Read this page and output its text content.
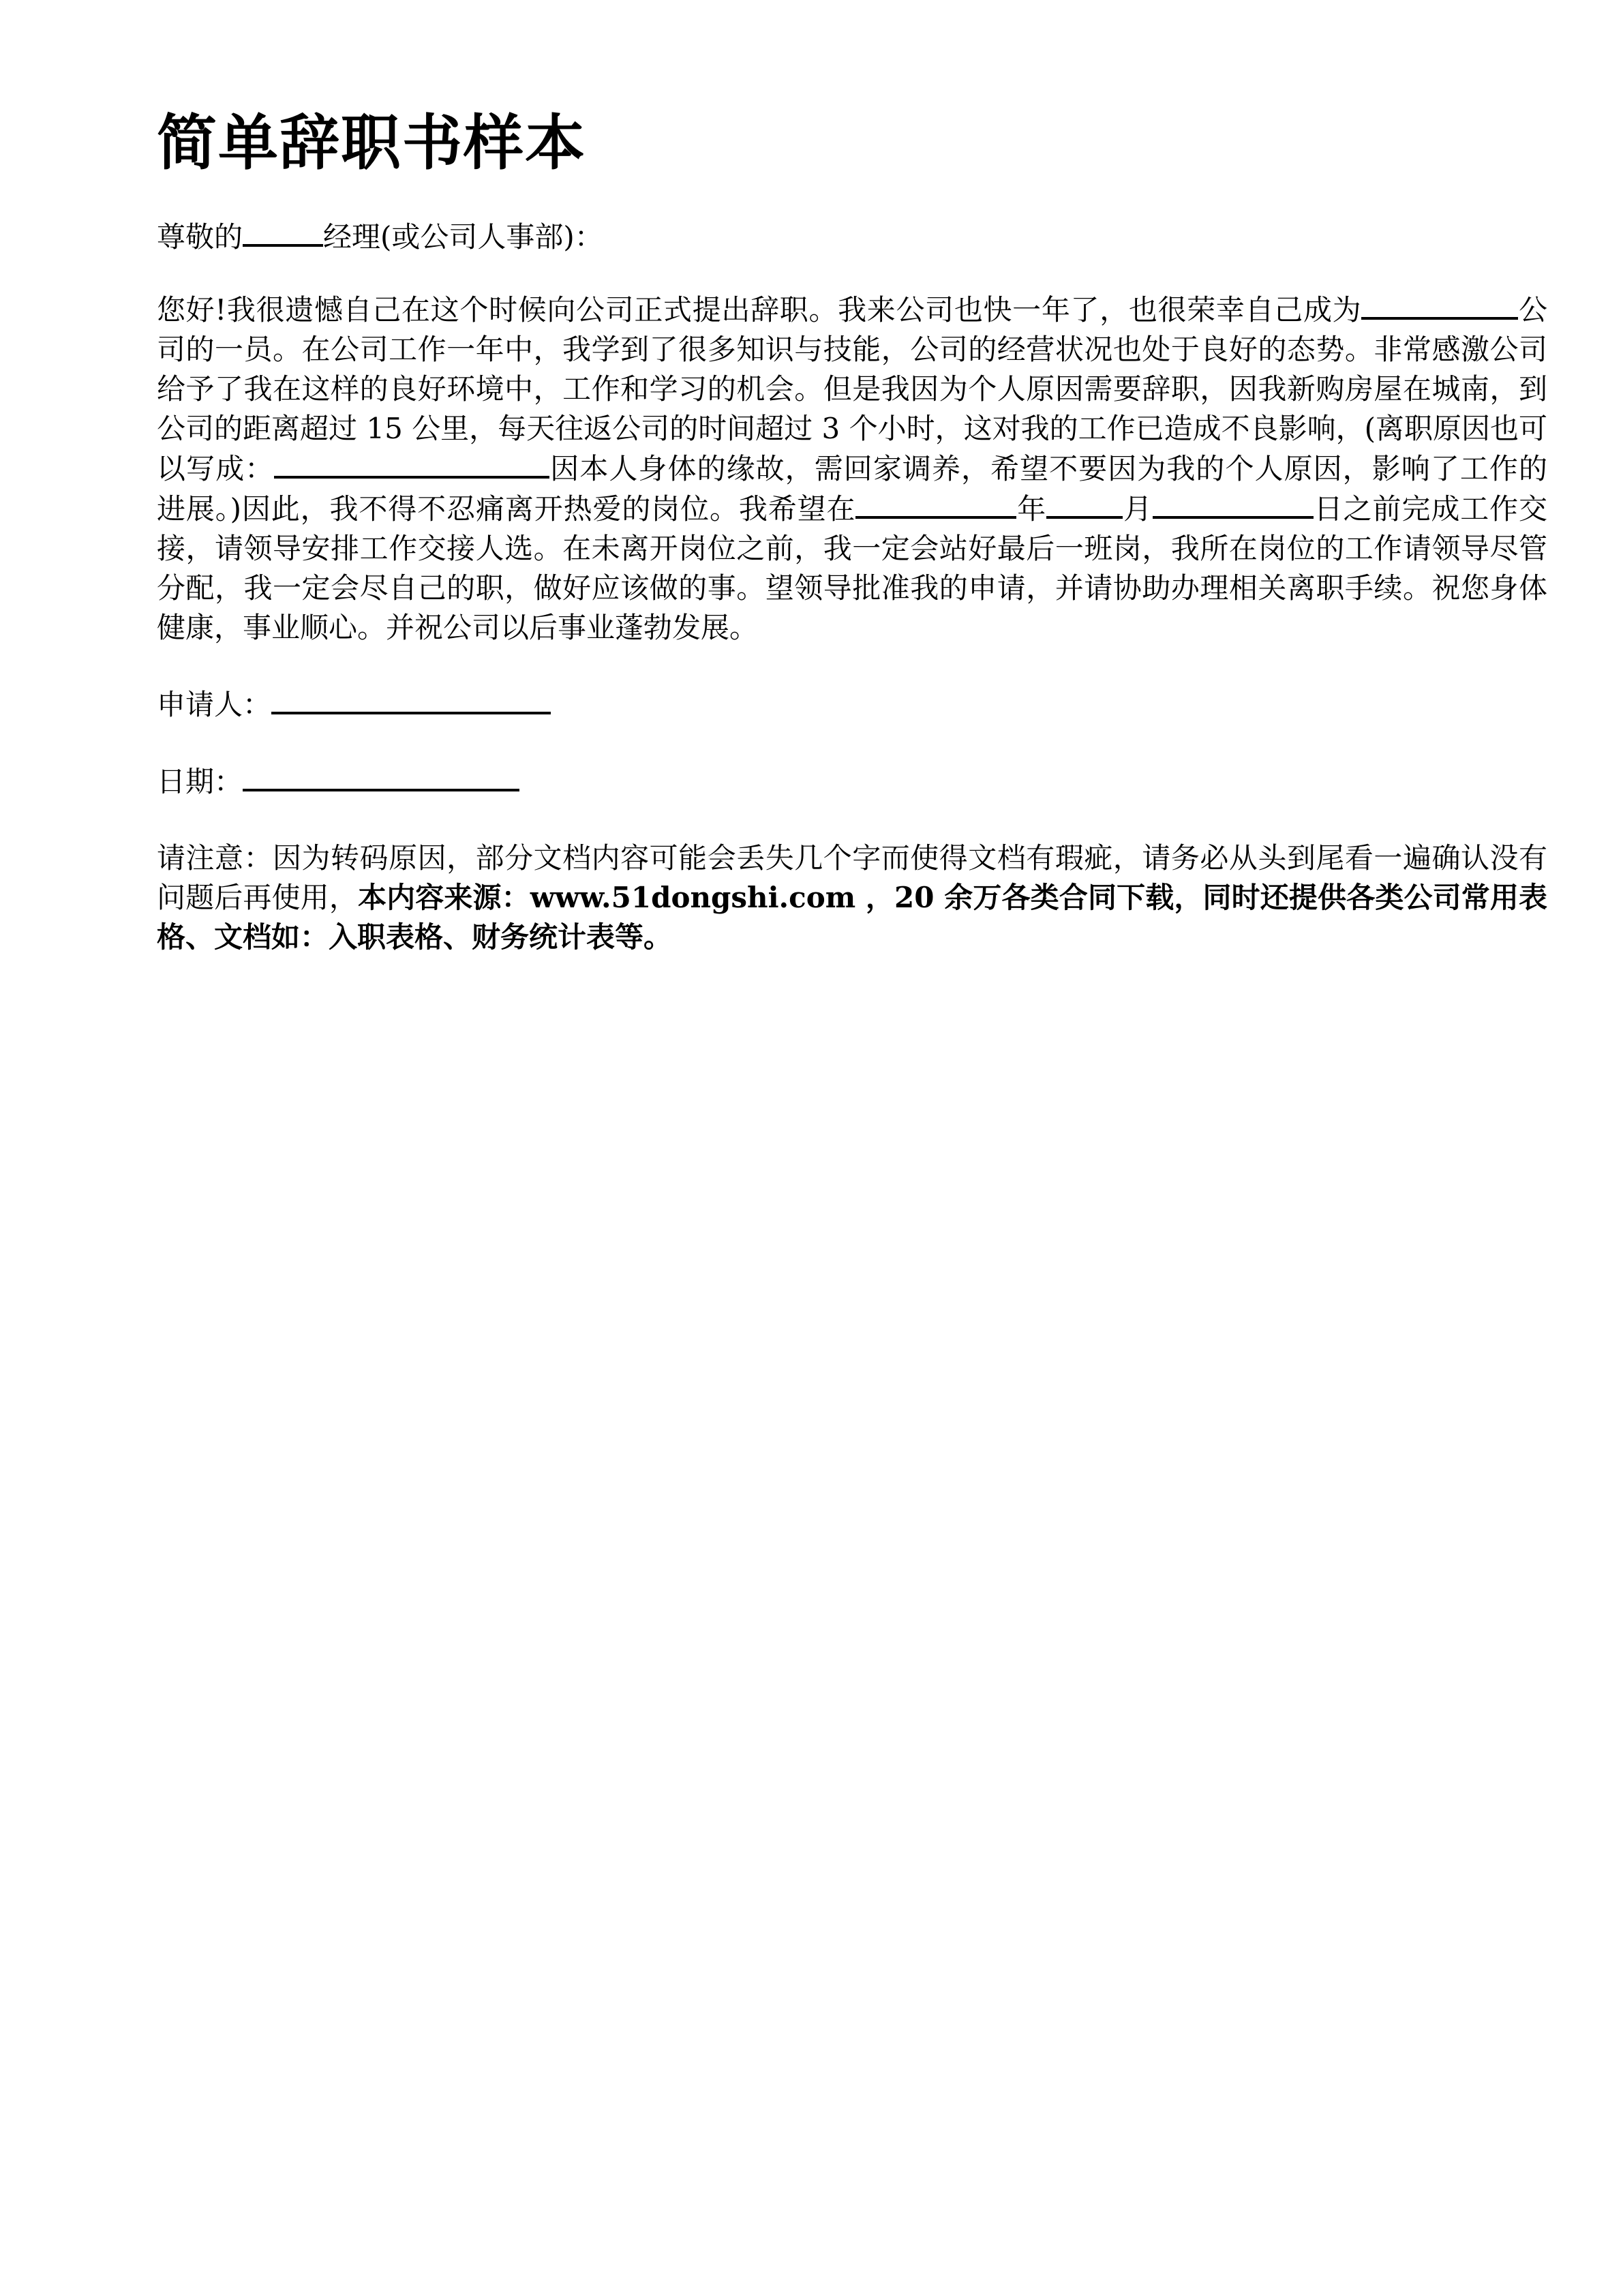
简单辞职书样本

尊敬的	经理(或公司人事部)：

您好!我很遗憾自己在这个时候向公司正式提出辞职。我来公司也快一年了，也很荣幸自己成为	公司的一员。在公司工作一年中，我学到了很多知识与技能，公司的经营状况也处于良好的态势。非常感激公司给予了我在这样的良好环境中，工作和学习的机会。但是我因为个人原因需要辞职，因我新购房屋在城南，到公司的距离超过 15 公里，每天往返公司的时间超过 3 个小时，这对我的工作已造成不良影响，(离职原因也可以写成：	因本人身体的缘故，需回家调养，希望不要因为我的个人原因，影响了工作的进展。)因此，我不得不忍痛离开热爱的岗位。我希望在	年	月	日之前完成工作交接，请领导安排工作交接人选。在未离开岗位之前，我一定会站好最后一班岗，我所在岗位的工作请领导尽管分配，我一定会尽自己的职，做好应该做的事。望领导批准我的申请，并请协助办理相关离职手续。祝您身体健康，事业顺心。并祝公司以后事业蓬勃发展。

申请人：

日期：

请注意：因为转码原因，部分文档内容可能会丢失几个字而使得文档有瑕疵，请务必从头到尾看一遍确认没有问题后再使用，本内容来源：www.51dongshi.com ，20 余万各类合同下载，同时还提供各类公司常用表格、文档如：入职表格、财务统计表等。
